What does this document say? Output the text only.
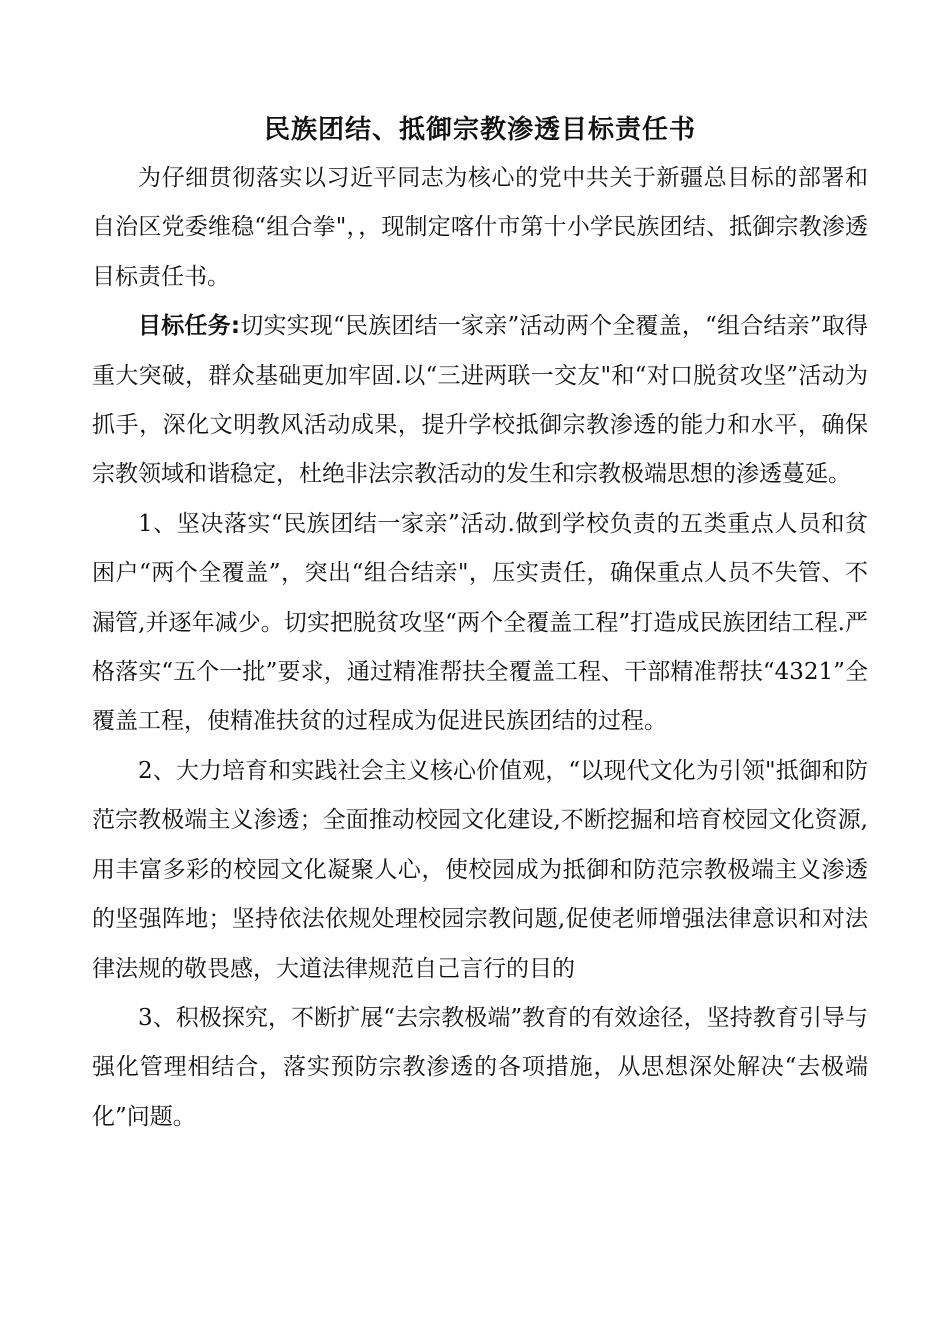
民族团结、抵御宗教渗透目标责任书

为仔细贯彻落实以习近平同志为核心的党中共关于新疆总目标的部署和自治区党委维稳“组合拳"，，现制定喀什市第十小学民族团结、抵御宗教渗透目标责任书。

目标任务:切实实现“民族团结一家亲”活动两个全覆盖，“组合结亲”取得重大突破，群众基础更加牢固.以“三进两联一交友"和“对口脱贫攻坚”活动为抓手，深化文明教风活动成果，提升学校抵御宗教渗透的能力和水平，确保宗教领域和谐稳定，杜绝非法宗教活动的发生和宗教极端思想的渗透蔓延。

1、坚决落实“民族团结一家亲”活动.做到学校负责的五类重点人员和贫困户“两个全覆盖”，突出“组合结亲"，压实责任，确保重点人员不失管、不漏管,并逐年减少。切实把脱贫攻坚“两个全覆盖工程”打造成民族团结工程.严格落实“五个一批”要求，通过精准帮扶全覆盖工程、干部精准帮扶“4321”全覆盖工程，使精准扶贫的过程成为促进民族团结的过程。

2、大力培育和实践社会主义核心价值观，“以现代文化为引领"抵御和防范宗教极端主义渗透；全面推动校园文化建设,不断挖掘和培育校园文化资源,用丰富多彩的校园文化凝聚人心，使校园成为抵御和防范宗教极端主义渗透的坚强阵地；坚持依法依规处理校园宗教问题,促使老师增强法律意识和对法律法规的敬畏感，大道法律规范自己言行的目的

3、积极探究，不断扩展“去宗教极端”教育的有效途径，坚持教育引导与强化管理相结合，落实预防宗教渗透的各项措施，从思想深处解决“去极端化”问题。
